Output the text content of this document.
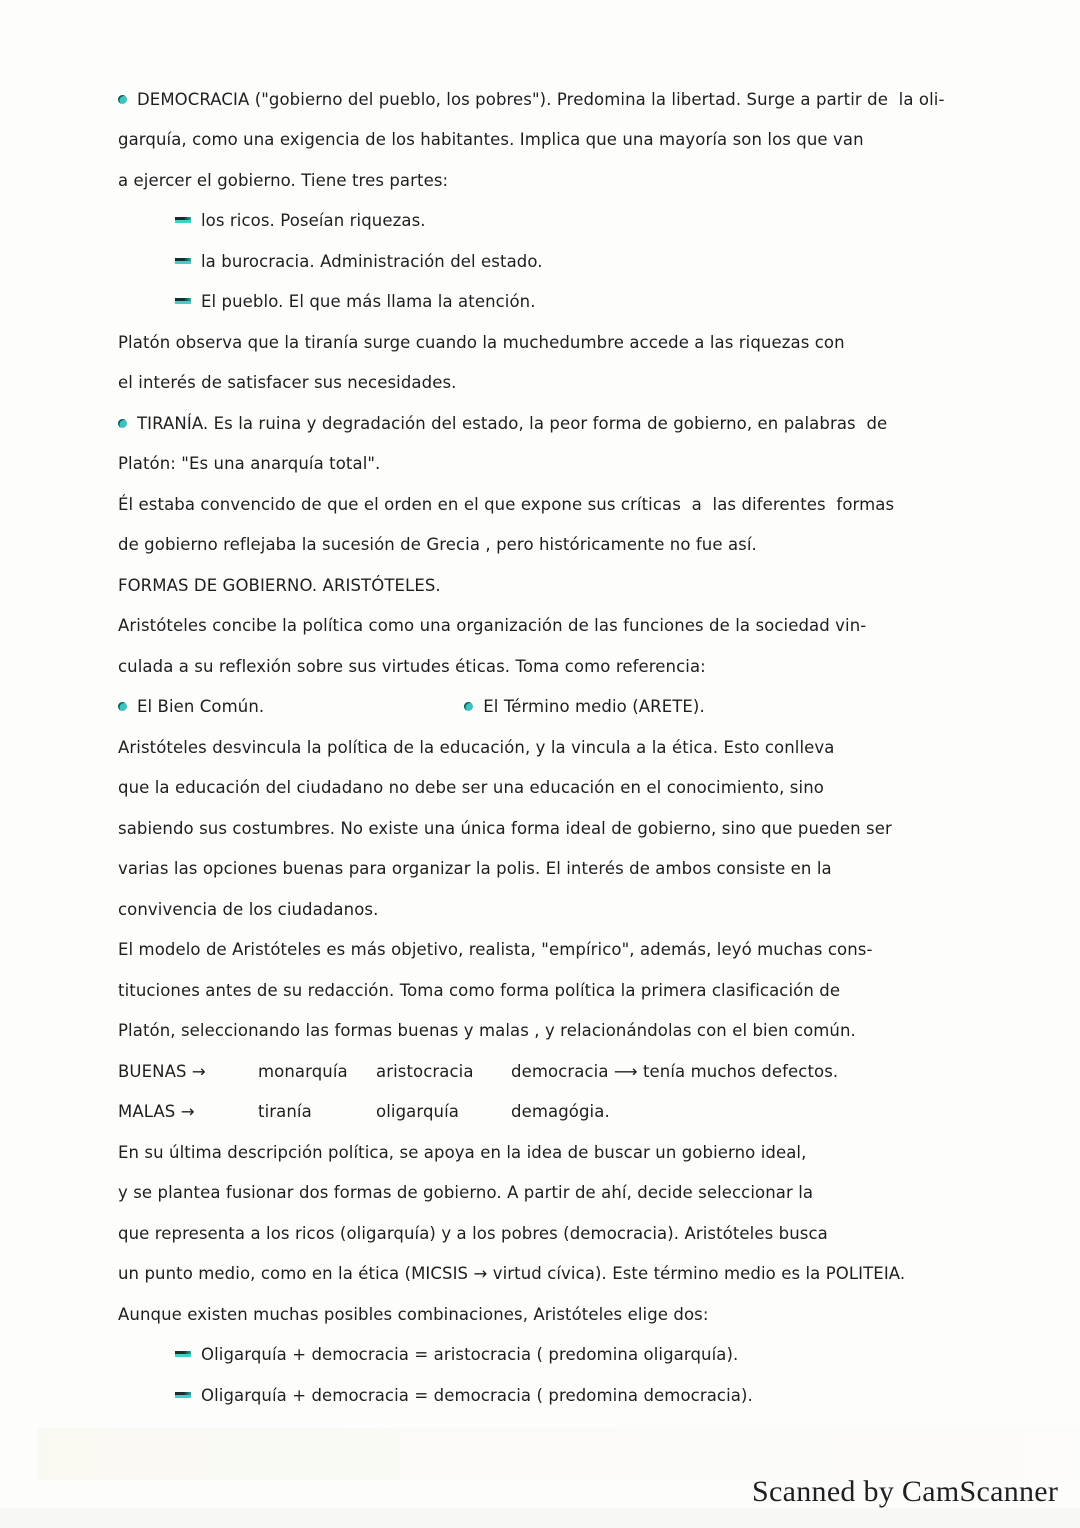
DEMOCRACIA ("gobierno del pueblo, los pobres"). Predomina la libertad. Surge a partir de  la oli-
garquía, como una exigencia de los habitantes. Implica que una mayoría son los que van
a ejercer el gobierno. Tiene tres partes:
los ricos. Poseían riquezas.
la burocracia. Administración del estado.
El pueblo. El que más llama la atención.
Platón observa que la tiranía surge cuando la muchedumbre accede a las riquezas con
el interés de satisfacer sus necesidades.
TIRANÍA. Es la ruina y degradación del estado, la peor forma de gobierno, en palabras  de
Platón: "Es una anarquía total".
Él estaba convencido de que el orden en el que expone sus críticas  a  las diferentes  formas
de gobierno reflejaba la sucesión de Grecia , pero históricamente no fue así.
FORMAS DE GOBIERNO. ARISTÓTELES.
Aristóteles concibe la política como una organización de las funciones de la sociedad vin-
culada a su reflexión sobre sus virtudes éticas. Toma como referencia:
El Bien Común.	El Término medio (ARETE).
Aristóteles desvincula la política de la educación, y la vincula a la ética. Esto conlleva
que la educación del ciudadano no debe ser una educación en el conocimiento, sino
sabiendo sus costumbres. No existe una única forma ideal de gobierno, sino que pueden ser
varias las opciones buenas para organizar la polis. El interés de ambos consiste en la
convivencia de los ciudadanos.
El modelo de Aristóteles es más objetivo, realista, "empírico", además, leyó muchas cons-
tituciones antes de su redacción. Toma como forma política la primera clasificación de
Platón, seleccionando las formas buenas y malas , y relacionándolas con el bien común.
BUENAS →	monarquía	aristocracia	democracia ⟶ tenía muchos defectos.
MALAS →	tiranía	oligarquía	demagógia.
En su última descripción política, se apoya en la idea de buscar un gobierno ideal,
y se plantea fusionar dos formas de gobierno. A partir de ahí, decide seleccionar la
que representa a los ricos (oligarquía) y a los pobres (democracia). Aristóteles busca
un punto medio, como en la ética (MICSIS → virtud cívica). Este término medio es la POLITEIA.
Aunque existen muchas posibles combinaciones, Aristóteles elige dos:
Oligarquía + democracia = aristocracia ( predomina oligarquía).
Oligarquía + democracia = democracia ( predomina democracia).
Scanned by CamScanner
